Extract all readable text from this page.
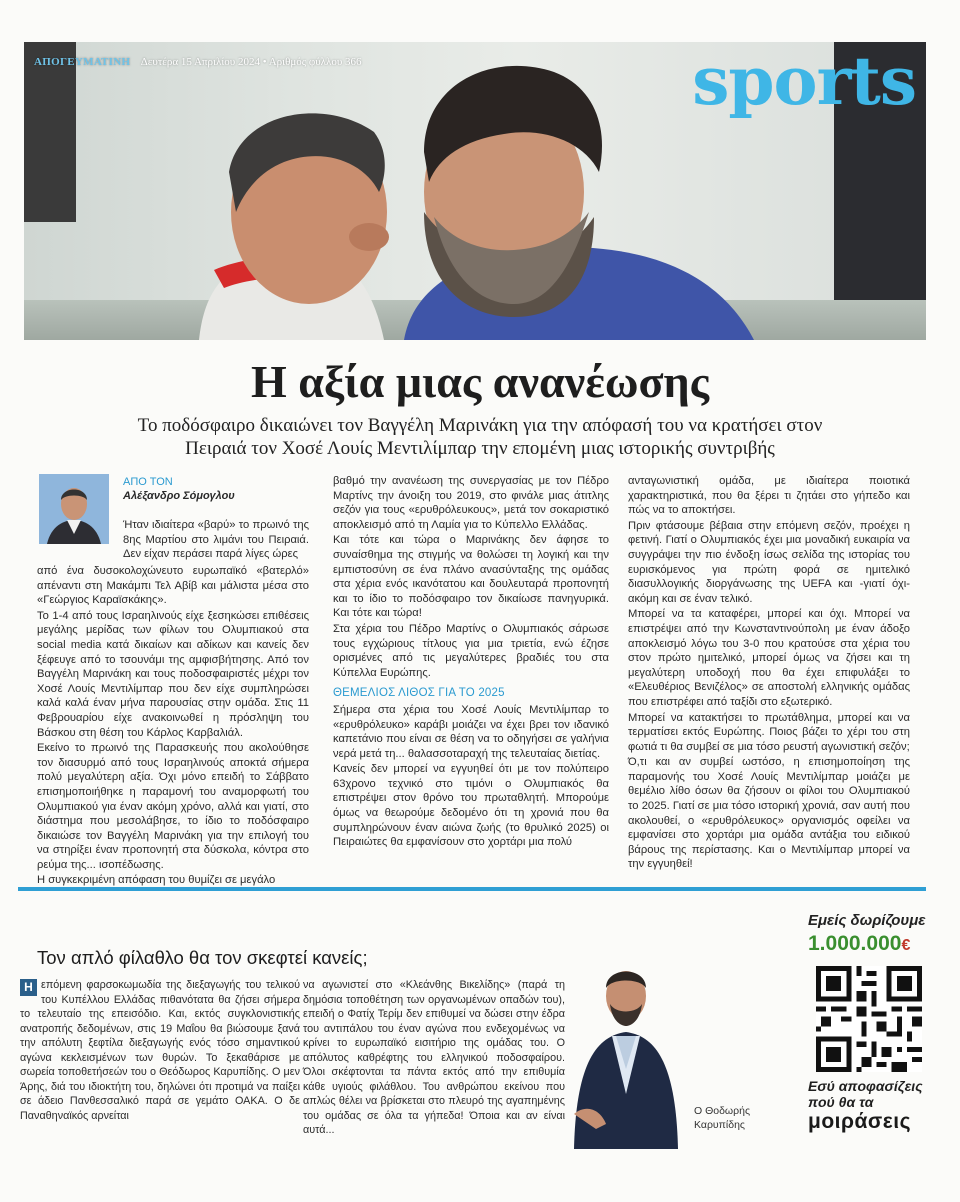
ΑΠΟΓΕΥΜΑΤΙΝΗ Δευτέρα 15 Απριλίου 2024 • Αριθμός φύλλου 366	sports
Η αξία μιας ανανέωσης
Το ποδόσφαιρο δικαιώνει τον Βαγγέλη Μαρινάκη για την απόφασή του να κρατήσει στον Πειραιά τον Χοσέ Λουίς Μεντιλίμπαρ την επομένη μιας ιστορικής συντριβής
ΑΠΟ ΤΟΝ
Αλέξανδρο Σόμογλου
Ήταν ιδιαίτερα «βαρύ» το πρωινό της 8ης Μαρτίου στο λιμάνι του Πειραιά. Δεν είχαν περάσει παρά λίγες ώρες

από ένα δυσοκολοχώνευτο ευρωπαϊκό «βατερλό» απέναντι στη Μακάμπι Τελ Αβίβ και μάλιστα μέσα στο «Γεώργιος Καραϊσκάκης».

Το 1-4 από τους Ισραηλινούς είχε ξεσηκώσει επιθέσεις μεγάλης μερίδας των φίλων του Ολυμπιακού στα social media κατά δικαίων και αδίκων και κανείς δεν ξέφευγε από το τσουνάμι της αμφισβήτησης. Από τον Βαγγέλη Μαρινάκη και τους ποδοσφαιριστές μέχρι τον Χοσέ Λουίς Μεντιλίμπαρ που δεν είχε συμπληρώσει καλά καλά έναν μήνα παρουσίας στην ομάδα. Στις 11 Φεβρουαρίου είχε ανακοινωθεί η πρόσληψη του Βάσκου στη θέση του Κάρλος Καρβαλιάλ.

Εκείνο το πρωινό της Παρασκευής που ακολούθησε τον διασυρμό από τους Ισραηλινούς αποκτά σήμερα πολύ μεγαλύτερη αξία. Όχι μόνο επειδή το Σάββατο επισημοποιήθηκε η παραμονή του αναμορφωτή του Ολυμπιακού για έναν ακόμη χρόνο, αλλά και γιατί, στο διάστημα που μεσολάβησε, το ίδιο το ποδόσφαιρο δικαιώσε τον Βαγγέλη Μαρινάκη για την επιλογή του να στηρίξει έναν προπονητή στα δύσκολα, κόντρα στο ρεύμα της... ισοπέδωσης.

Η συγκεκριμένη απόφαση του θυμίζει σε μεγάλο

βαθμό την ανανέωση της συνεργασίας με τον Πέδρο Μαρτίνς την άνοιξη του 2019, στο φινάλε μιας άτιτλης σεζόν για τους «ερυθρόλευκους», μετά τον σοκαριστικό αποκλεισμό από τη Λαμία για το Κύπελλο Ελλάδας.

Και τότε και τώρα ο Μαρινάκης δεν άφησε το συναίσθημα της στιγμής να θολώσει τη λογική και την εμπιστοσύνη σε ένα πλάνο ανασύνταξης της ομάδας στα χέρια ενός ικανότατου και δουλευταρά προπονητή και το ίδιο το ποδόσφαιρο τον δικαίωσε πανηγυρικά. Και τότε και τώρα!

Στα χέρια του Πέδρο Μαρτίνς ο Ολυμπιακός σάρωσε τους εγχώριους τίτλους για μια τριετία, ενώ έζησε ορισμένες από τις μεγαλύτερες βραδιές του στα Κύπελλα Ευρώπης.

ΘΕΜΕΛΙΟΣ ΛΙΘΟΣ ΓΙΑ ΤΟ 2025

Σήμερα στα χέρια του Χοσέ Λουίς Μεντιλίμπαρ το «ερυθρόλευκο» καράβι μοιάζει να έχει βρει τον ιδανικό καπετάνιο που είναι σε θέση να το οδηγήσει σε γαλήνια νερά μετά τη... θαλασσοταραχή της τελευταίας διετίας.

Κανείς δεν μπορεί να εγγυηθεί ότι με τον πολύπειρο 63χρονο τεχνικό στο τιμόνι ο Ολυμπιακός θα επιστρέψει στον θρόνο του πρωταθλητή. Μπορούμε όμως να θεωρούμε δεδομένο ότι τη χρονιά που θα συμπληρώνουν έναν αιώνα ζωής (το θρυλικό 2025) οι Πειραιώτες θα εμφανίσουν στο χορτάρι μια πολύ

ανταγωνιστική ομάδα, με ιδιαίτερα ποιοτικά χαρακτηριστικά, που θα ξέρει τι ζητάει στο γήπεδο και πώς να το αποκτήσει.

Πριν φτάσουμε βέβαια στην επόμενη σεζόν, προέχει η φετινή. Γιατί ο Ολυμπιακός έχει μια μοναδική ευκαιρία να συγγράψει την πιο ένδοξη ίσως σελίδα της ιστορίας του ευρισκόμενος για πρώτη φορά σε ημιτελικό διασυλλογικής διοργάνωσης της UEFA και -γιατί όχι- ακόμη και σε έναν τελικό.

Μπορεί να τα καταφέρει, μπορεί και όχι. Μπορεί να επιστρέψει από την Κωνσταντινούπολη με έναν άδοξο αποκλεισμό λόγω του 3-0 που κρατούσε στα χέρια του στον πρώτο ημιτελικό, μπορεί όμως να ζήσει και τη μεγαλύτερη υποδοχή που θα έχει επιφυλάξει το «Ελευθέριος Βενιζέλος» σε αποστολή ελληνικής ομάδας που επιστρέφει από ταξίδι στο εξωτερικό.

Μπορεί να κατακτήσει το πρωτάθλημα, μπορεί και να τερματίσει εκτός Ευρώπης. Ποιος βάζει το χέρι του στη φωτιά τι θα συμβεί σε μια τόσο ρευστή αγωνιστική σεζόν;

Ό,τι και αν συμβεί ωστόσο, η επισημοποίηση της παραμονής του Χοσέ Λουίς Μεντιλίμπαρ μοιάζει με θεμέλιο λίθο όσων θα ζήσουν οι φίλοι του Ολυμπιακού το 2025. Γιατί σε μια τόσο ιστορική χρονιά, σαν αυτή που ακολουθεί, ο «ερυθρόλευκος» οργανισμός οφείλει να εμφανίσει στο χορτάρι μια ομάδα αντάξια του ειδικού βάρους της περίστασης. Και ο Μεντιλίμπαρ μπορεί να την εγγυηθεί!

Τον απλό φίλαθλο θα τον σκεφτεί κανείς;
Η επόμενη φαρσοκωμωδία της διεξαγωγής του τελικού του Κυπέλλου Ελλάδας πιθανότατα θα ζήσει σήμερα το τελευταίο της επεισόδιο. Και, εκτός συγκλονιστικής ανατροπής δεδομένων, στις 19 Μαΐου θα βιώσουμε ξανά την απόλυτη ξεφτίλα διεξαγωγής ενός τόσο σημαντικού αγώνα κεκλεισμένων των θυρών. Το ξεκαθάρισε με σωρεία τοποθετήσεών του ο Θεόδωρος Καρυπίδης. Ο μεν Άρης, διά του ιδιοκτήτη του, δηλώνει ότι προτιμά να παίξει σε άδειο Πανθεσσαλικό παρά σε γεμάτο ΟΑΚΑ. Ο δε Παναθηναϊκός αρνείται
να αγωνιστεί στο «Κλεάνθης Βικελίδης» (παρά τη δημόσια τοποθέτηση των οργανωμένων οπαδών του), επειδή ο Φατίχ Τερίμ δεν επιθυμεί να δώσει στην έδρα του αντιπάλου του έναν αγώνα που ενδεχομένως να κρίνει το ευρωπαϊκό εισιτήριο της ομάδας του. Ο απόλυτος καθρέφτης του ελληνικού ποδοσφαίρου. Όλοι σκέφτονται τα πάντα εκτός από την επιθυμία κάθε υγιούς φιλάθλου. Του ανθρώπου εκείνου που απλώς θέλει να βρίσκεται στο πλευρό της αγαπημένης του ομάδας σε όλα τα γήπεδα! Όποια και αν είναι αυτά...
Ο Θοδωρής
Καρυπίδης
Εμείς δωρίζουμε
1.000.000€
Εσύ αποφασίζεις
πού θα τα
μοιράσεις
